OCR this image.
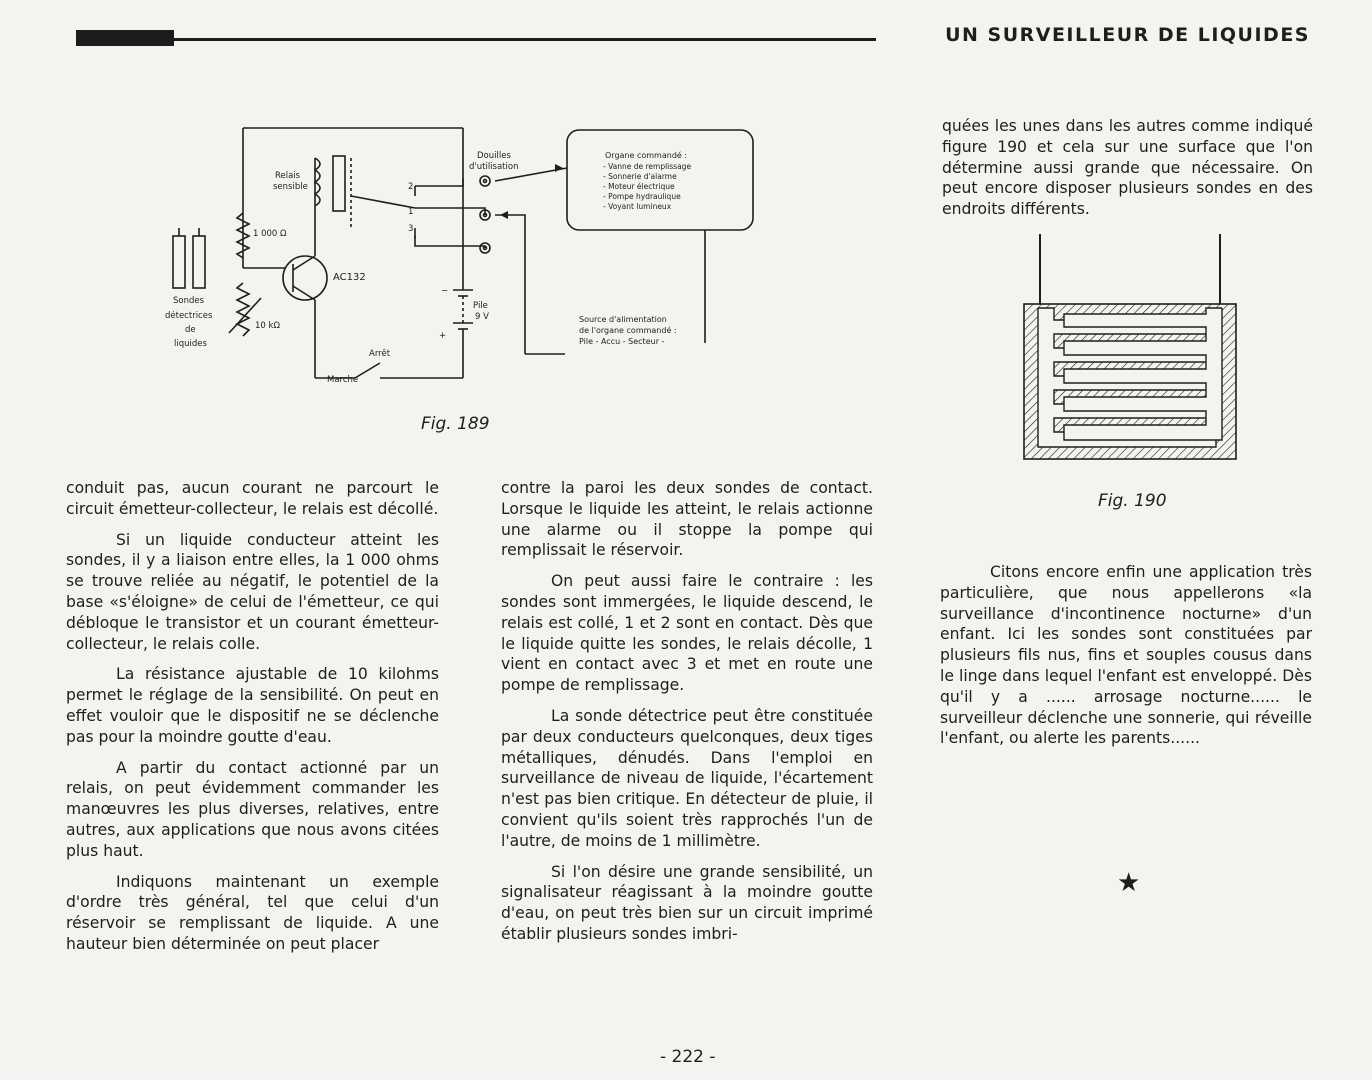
UN SURVEILLEUR DE LIQUIDES
Relais
sensible
1 000 Ω
AC132
10 kΩ
Sondes
détectrices
de
liquides
Arrêt
Marche
Douilles
d'utilisation
2
1
3
Pile
9 V
−
+
Organe commandé :
- Vanne de remplissage
- Sonnerie d'alarme
- Moteur électrique
- Pompe hydraulique
- Voyant lumineux
Source d'alimentation
de l'organe commandé :
Pile - Accu - Secteur -
Fig. 189
Fig. 190

conduit pas, aucun courant ne parcourt le circuit émetteur-collecteur, le relais est décollé.

Si un liquide conducteur atteint les sondes, il y a liaison entre elles, la 1 000 ohms se trouve reliée au négatif, le potentiel de la base «s'éloigne» de celui de l'émetteur, ce qui débloque le transistor et un courant émetteur-collecteur, le relais colle.

La résistance ajustable de 10 kilohms permet le réglage de la sensibilité. On peut en effet vouloir que le dispositif ne se déclenche pas pour la moindre goutte d'eau.

A partir du contact actionné par un relais, on peut évidemment commander les manœuvres les plus diverses, relatives, entre autres, aux applications que nous avons citées plus haut.

Indiquons maintenant un exemple d'ordre très général, tel que celui d'un réservoir se remplissant de liquide. A une hauteur bien déterminée on peut placer

contre la paroi les deux sondes de contact. Lorsque le liquide les atteint, le relais actionne une alarme ou il stoppe la pompe qui remplissait le réservoir.

On peut aussi faire le contraire : les sondes sont immergées, le liquide descend, le relais est collé, 1 et 2 sont en contact. Dès que le liquide quitte les sondes, le relais décolle, 1 vient en contact avec 3 et met en route une pompe de remplissage.

La sonde détectrice peut être constituée par deux conducteurs quelconques, deux tiges métalliques, dénudés. Dans l'emploi en surveillance de niveau de liquide, l'écartement n'est pas bien critique. En détecteur de pluie, il convient qu'ils soient très rapprochés l'un de l'autre, de moins de 1 millimètre.

Si l'on désire une grande sensibilité, un signalisateur réagissant à la moindre goutte d'eau, on peut très bien sur un circuit imprimé établir plusieurs sondes imbri-

quées les unes dans les autres comme indiqué figure 190 et cela sur une surface que l'on détermine aussi grande que nécessaire. On peut encore disposer plusieurs sondes en des endroits différents.

Citons encore enfin une application très particulière, que nous appellerons «la surveillance d'incontinence nocturne» d'un enfant. Ici les sondes sont constituées par plusieurs fils nus, fins et souples cousus dans le linge dans lequel l'enfant est enveloppé. Dès qu'il y a ...... arrosage nocturne...... le surveilleur déclenche une sonnerie, qui réveille l'enfant, ou alerte les parents......

★
- 222 -
